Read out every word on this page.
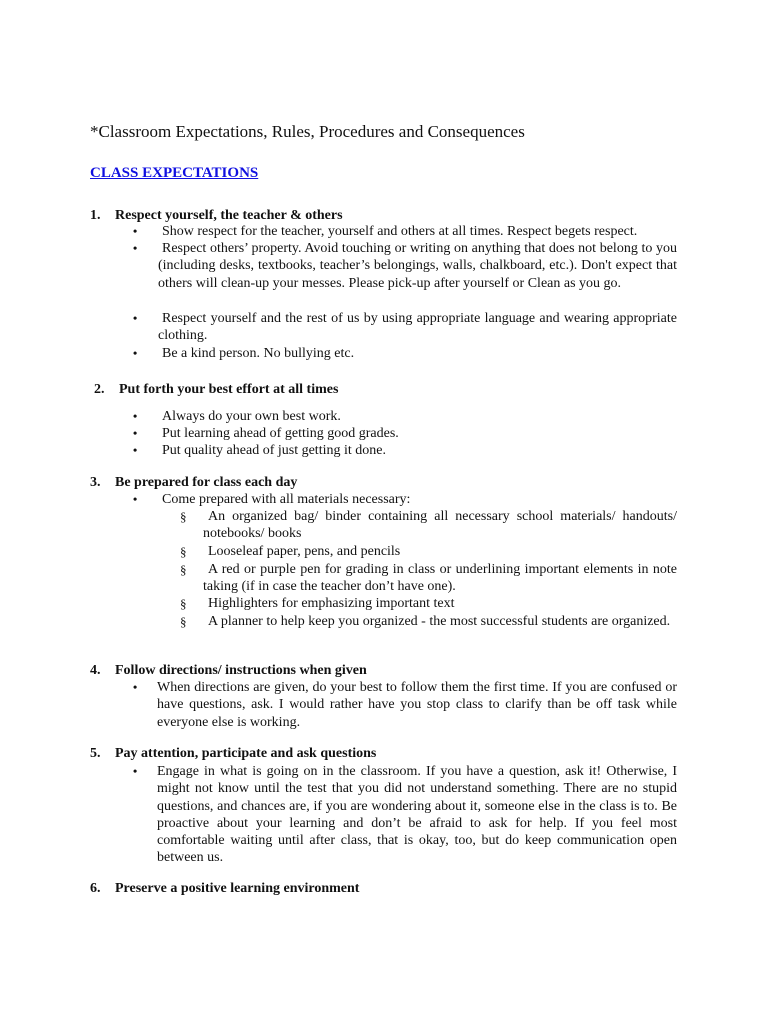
*Classroom Expectations, Rules, Procedures and Consequences
CLASS EXPECTATIONS
1. Respect yourself, the teacher & others
• Show respect for the teacher, yourself and others at all times. Respect begets respect.
• Respect others’ property. Avoid touching or writing on anything that does not belong to you (including desks, textbooks, teacher’s belongings, walls, chalkboard, etc.). Don't expect that others will clean-up your messes. Please pick-up after yourself or Clean as you go.
• Respect yourself and the rest of us by using appropriate language and wearing appropriate clothing.
• Be a kind person. No bullying etc.
2. Put forth your best effort at all times
• Always do your own best work.
• Put learning ahead of getting good grades.
• Put quality ahead of just getting it done.
3. Be prepared for class each day
• Come prepared with all materials necessary:
§	An organized bag/ binder containing all necessary school materials/ handouts/ notebooks/ books
§ Looseleaf paper, pens, and pencils
§	A red or purple pen for grading in class or underlining important elements in note taking (if in case the teacher don’t have one).
§ Highlighters for emphasizing important text
§	A planner to help keep you organized - the most successful students are organized.
4. Follow directions/ instructions when given
• When directions are given, do your best to follow them the first time. If you are confused or have questions, ask. I would rather have you stop class to clarify than be off task while everyone else is working.
5. Pay attention, participate and ask questions
• Engage in what is going on in the classroom. If you have a question, ask it! Otherwise, I might not know until the test that you did not understand something. There are no stupid questions, and chances are, if you are wondering about it, someone else in the class is to. Be proactive about your learning and don’t be afraid to ask for help. If you feel most comfortable waiting until after class, that is okay, too, but do keep communication open between us.
6. Preserve a positive learning environment
